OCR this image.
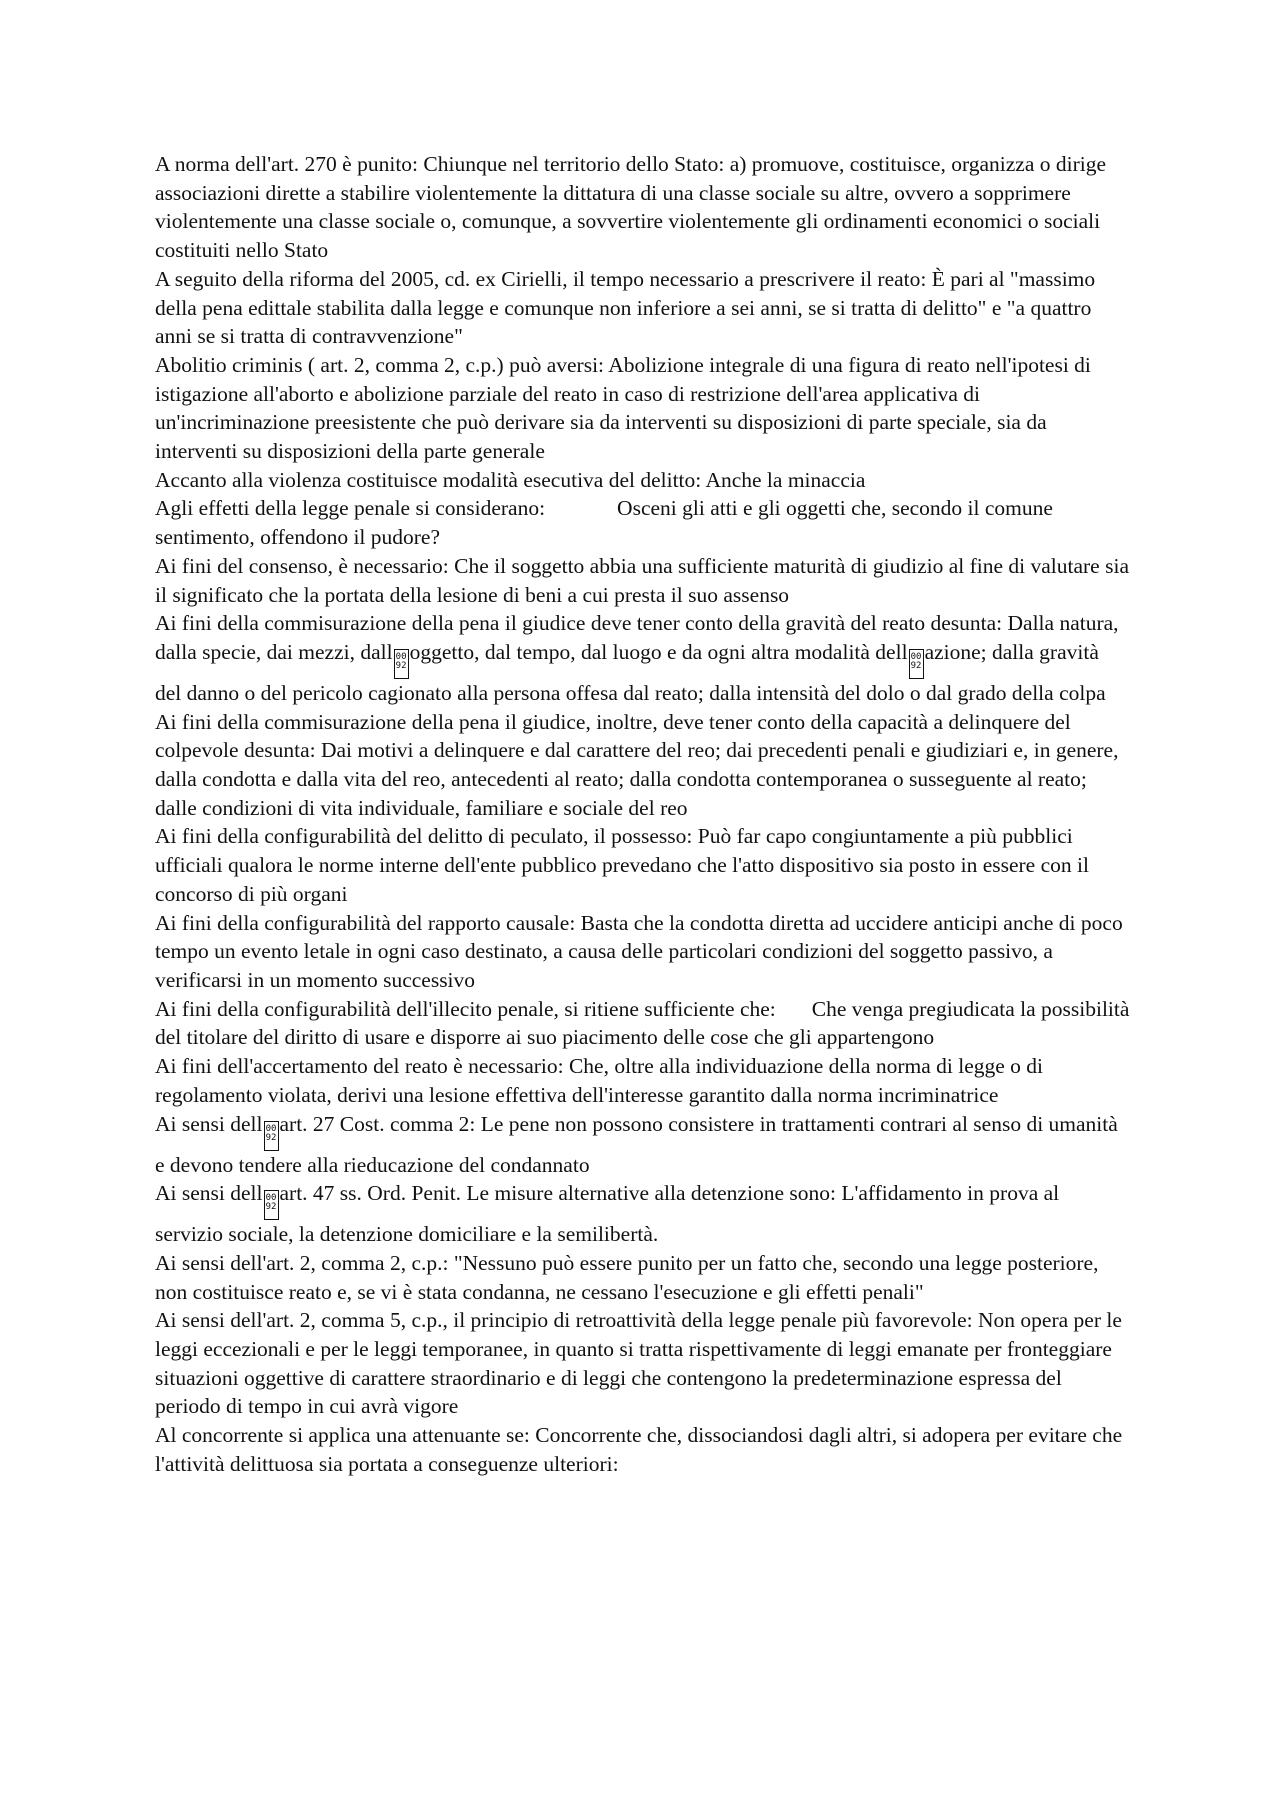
A norma dell'art. 270 è punito: Chiunque nel territorio dello Stato: a) promuove, costituisce, organizza o dirige associazioni dirette a stabilire violentemente la dittatura di una classe sociale su altre, ovvero a sopprimere violentemente una classe sociale o, comunque, a sovvertire violentemente gli ordinamenti economici o sociali costituiti nello Stato

A seguito della riforma del 2005, cd. ex Cirielli, il tempo necessario a prescrivere il reato: È pari al "massimo della pena edittale stabilita dalla legge e comunque non inferiore a sei anni, se si tratta di delitto" e "a quattro anni se si tratta di contravvenzione"

Abolitio criminis ( art. 2, comma 2, c.p.) può aversi: Abolizione integrale di una figura di reato nell'ipotesi di istigazione all'aborto e abolizione parziale del reato in caso di restrizione dell'area applicativa di un'incriminazione preesistente che può derivare sia da interventi su disposizioni di parte speciale, sia da interventi su disposizioni della parte generale

Accanto alla violenza costituisce modalità esecutiva del delitto: Anche la minaccia

Agli effetti della legge penale si considerano:	Osceni gli atti e gli oggetti che, secondo il comune sentimento, offendono il pudore?

Ai fini del consenso, è necessario: Che il soggetto abbia una sufficiente maturità di giudizio al fine di valutare sia il significato che la portata della lesione di beni a cui presta il suo assenso

Ai fini della commisurazione della pena il giudice deve tener conto della gravità del reato desunta: Dalla natura, dalla specie, dai mezzi, dall 00
92oggetto, dal tempo, dal luogo e da ogni altra modalità dell 00
92azione; dalla gravità del danno o del pericolo cagionato alla persona offesa dal reato; dalla intensità del dolo o dal grado della colpa

Ai fini della commisurazione della pena il giudice, inoltre, deve tener conto della capacità a delinquere del colpevole desunta: Dai motivi a delinquere e dal carattere del reo; dai precedenti penali e giudiziari e, in genere, dalla condotta e dalla vita del reo, antecedenti al reato; dalla condotta contemporanea o susseguente al reato; dalle condizioni di vita individuale, familiare e sociale del reo

Ai fini della configurabilità del delitto di peculato, il possesso: Può far capo congiuntamente a più pubblici ufficiali qualora le norme interne dell'ente pubblico prevedano che l'atto dispositivo sia posto in essere con il concorso di più organi

Ai fini della configurabilità del rapporto causale: Basta che la condotta diretta ad uccidere anticipi anche di poco tempo un evento letale in ogni caso destinato, a causa delle particolari condizioni del soggetto passivo, a verificarsi in un momento successivo

Ai fini della configurabilità dell'illecito penale, si ritiene sufficiente che: Che venga pregiudicata la possibilità del titolare del diritto di usare e disporre ai suo piacimento delle cose che gli appartengono

Ai fini dell'accertamento del reato è necessario: Che, oltre alla individuazione della norma di legge o di regolamento violata, derivi una lesione effettiva dell'interesse garantito dalla norma incriminatrice

Ai sensi dell 00
92art. 27 Cost. comma 2: Le pene non possono consistere in trattamenti contrari al senso di umanità e devono tendere alla rieducazione del condannato

Ai sensi dell 00
92art. 47 ss. Ord. Penit. Le misure alternative alla detenzione sono: L'affidamento in prova al servizio sociale, la detenzione domiciliare e la semilibertà.

Ai sensi dell'art. 2, comma 2, c.p.: "Nessuno può essere punito per un fatto che, secondo una legge posteriore, non costituisce reato e, se vi è stata condanna, ne cessano l'esecuzione e gli effetti penali"

Ai sensi dell'art. 2, comma 5, c.p., il principio di retroattività della legge penale più favorevole: Non opera per le leggi eccezionali e per le leggi temporanee, in quanto si tratta rispettivamente di leggi emanate per fronteggiare situazioni oggettive di carattere straordinario e di leggi che contengono la predeterminazione espressa del periodo di tempo in cui avrà vigore

Al concorrente si applica una attenuante se: Concorrente che, dissociandosi dagli altri, si adopera per evitare che l'attività delittuosa sia portata a conseguenze ulteriori:
